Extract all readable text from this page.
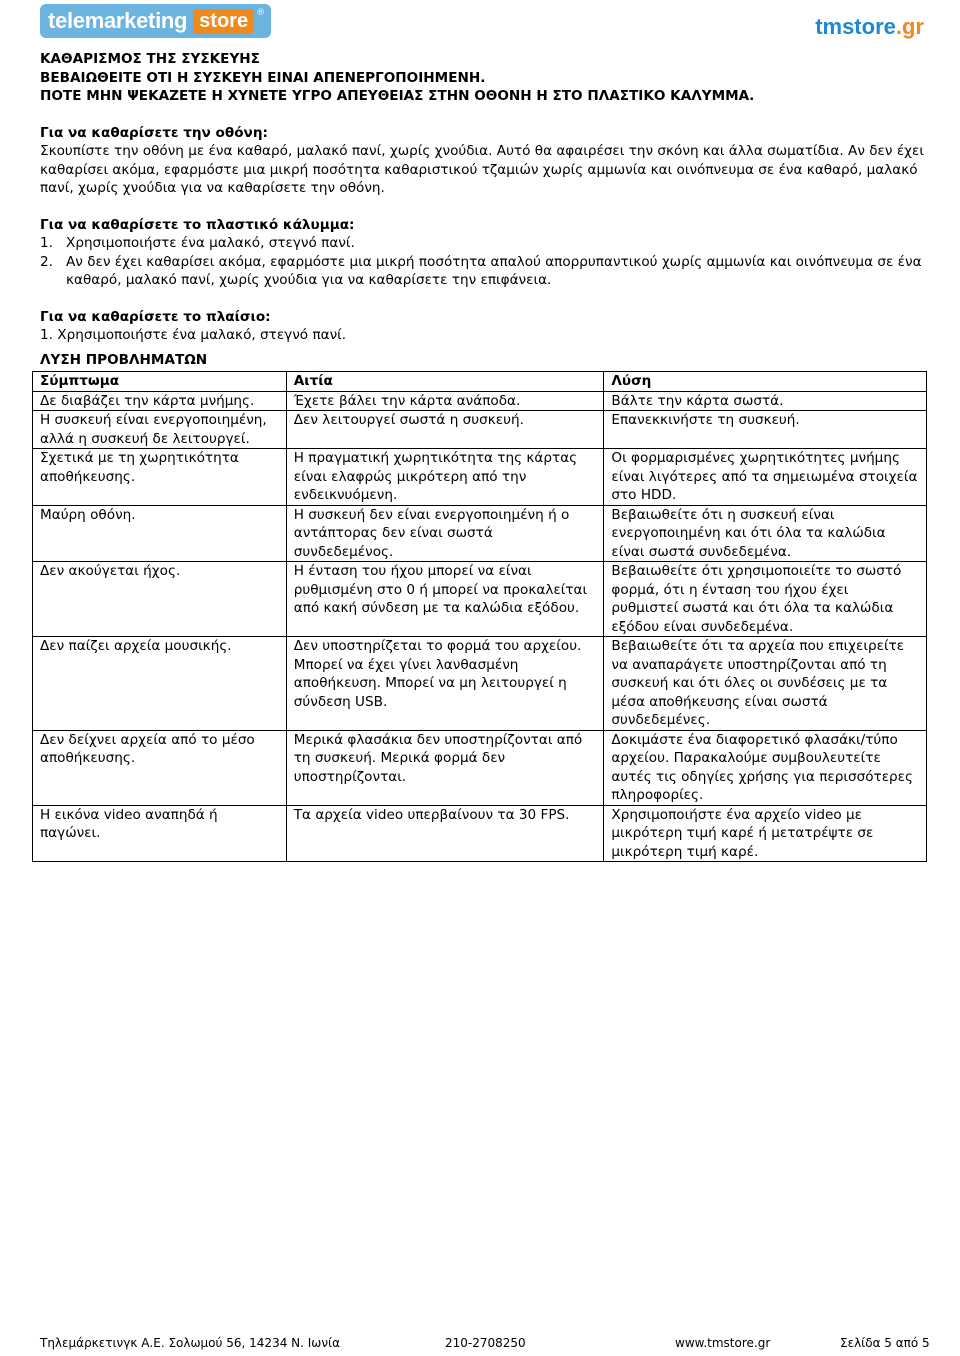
telemarketing store ®
tmstore.gr

ΚΑΘΑΡΙΣΜΟΣ ΤΗΣ ΣΥΣΚΕΥΗΣ

ΒΕΒΑΙΩΘΕΙΤΕ ΟΤΙ Η ΣΥΣΚΕΥΗ ΕΙΝΑΙ ΑΠΕΝΕΡΓΟΠΟΙΗΜΕΝΗ.

ΠΟΤΕ ΜΗΝ ΨΕΚΑΖΕΤΕ Η ΧΥΝΕΤΕ ΥΓΡΟ ΑΠΕΥΘΕΙΑΣ ΣΤΗΝ ΟΘΟΝΗ Η ΣΤΟ ΠΛΑΣΤΙΚΟ ΚΑΛΥΜΜΑ.

Για να καθαρίσετε την οθόνη:

Σκουπίστε την οθόνη με ένα καθαρό, μαλακό πανί, χωρίς χνούδια. Αυτό θα αφαιρέσει την σκόνη και άλλα σωματίδια. Αν δεν έχει καθαρίσει ακόμα, εφαρμόστε μια μικρή ποσότητα καθαριστικού τζαμιών χωρίς αμμωνία και οινόπνευμα σε ένα καθαρό, μαλακό πανί, χωρίς χνούδια για να καθαρίσετε την οθόνη.

Για να καθαρίσετε το πλαστικό κάλυμμα:

1. Χρησιμοποιήστε ένα μαλακό, στεγνό πανί.
2. Αν δεν έχει καθαρίσει ακόμα, εφαρμόστε μια μικρή ποσότητα απαλού απορρυπαντικού χωρίς αμμωνία και οινόπνευμα σε ένα καθαρό, μαλακό πανί, χωρίς χνούδια για να καθαρίσετε την επιφάνεια.

Για να καθαρίσετε το πλαίσιο:

1. Χρησιμοποιήστε ένα μαλακό, στεγνό πανί.

ΛΥΣΗ ΠΡΟΒΛΗΜΑΤΩΝ

Σύμπτωμα	Αιτία	Λύση
Δε διαβάζει την κάρτα μνήμης.	Έχετε βάλει την κάρτα ανάποδα.	Βάλτε την κάρτα σωστά.
Η συσκευή είναι ενεργοποιημένη, αλλά η συσκευή δε λειτουργεί.	Δεν λειτουργεί σωστά η συσκευή.	Επανεκκινήστε τη συσκευή.
Σχετικά με τη χωρητικότητα αποθήκευσης.	Η πραγματική χωρητικότητα της κάρτας είναι ελαφρώς μικρότερη από την ενδεικνυόμενη.	Οι φορμαρισμένες χωρητικότητες μνήμης είναι λιγότερες από τα σημειωμένα στοιχεία στο HDD.
Μαύρη οθόνη.	Η συσκευή δεν είναι ενεργοποιημένη ή ο αντάπτορας δεν είναι σωστά συνδεδεμένος.	Βεβαιωθείτε ότι η συσκευή είναι ενεργοποιημένη και ότι όλα τα καλώδια είναι σωστά συνδεδεμένα.
Δεν ακούγεται ήχος.	Η ένταση του ήχου μπορεί να είναι ρυθμισμένη στο 0 ή μπορεί να προκαλείται από κακή σύνδεση με τα καλώδια εξόδου.	Βεβαιωθείτε ότι χρησιμοποιείτε το σωστό φορμά, ότι η ένταση του ήχου έχει ρυθμιστεί σωστά και ότι όλα τα καλώδια εξόδου είναι συνδεδεμένα.
Δεν παίζει αρχεία μουσικής.	Δεν υποστηρίζεται το φορμά του αρχείου. Μπορεί να έχει γίνει λανθασμένη αποθήκευση. Μπορεί να μη λειτουργεί η σύνδεση USB.	Βεβαιωθείτε ότι τα αρχεία που επιχειρείτε να αναπαράγετε υποστηρίζονται από τη συσκευή και ότι όλες οι συνδέσεις με τα μέσα αποθήκευσης είναι σωστά συνδεδεμένες.
Δεν δείχνει αρχεία από το μέσο αποθήκευσης.	Μερικά φλασάκια δεν υποστηρίζονται από τη συσκευή. Μερικά φορμά δεν υποστηρίζονται.	Δοκιμάστε ένα διαφορετικό φλασάκι/τύπο αρχείου. Παρακαλούμε συμβουλευτείτε αυτές τις οδηγίες χρήσης για περισσότερες πληροφορίες.
Η εικόνα video αναπηδά ή παγώνει.	Τα αρχεία video υπερβαίνουν τα 30 FPS.	Χρησιμοποιήστε ένα αρχείο video με μικρότερη τιμή καρέ ή μετατρέψτε σε μικρότερη τιμή καρέ.
Τηλεμάρκετινγκ Α.Ε. Σολωμού 56, 14234 Ν. Ιωνία	210-2708250	www.tmstore.gr	Σελίδα 5 από 5
